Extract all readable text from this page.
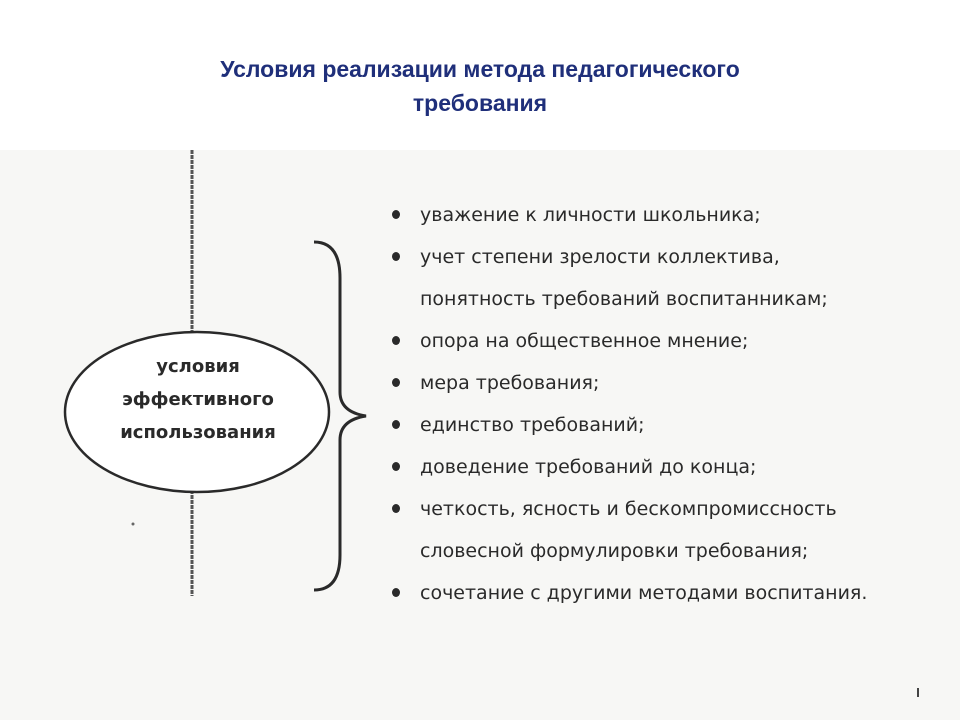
Условия реализации метода педагогического
требования
условия
эффективного
использования
уважение к личности школьника;
учет степени зрелости коллектива,
понятность требований воспитанникам;
опора на общественное мнение;
мера требования;
единство требований;
доведение требований до конца;
четкость, ясность и бескомпромиссность
словесной формулировки требования;
сочетание с другими методами воспитания.
